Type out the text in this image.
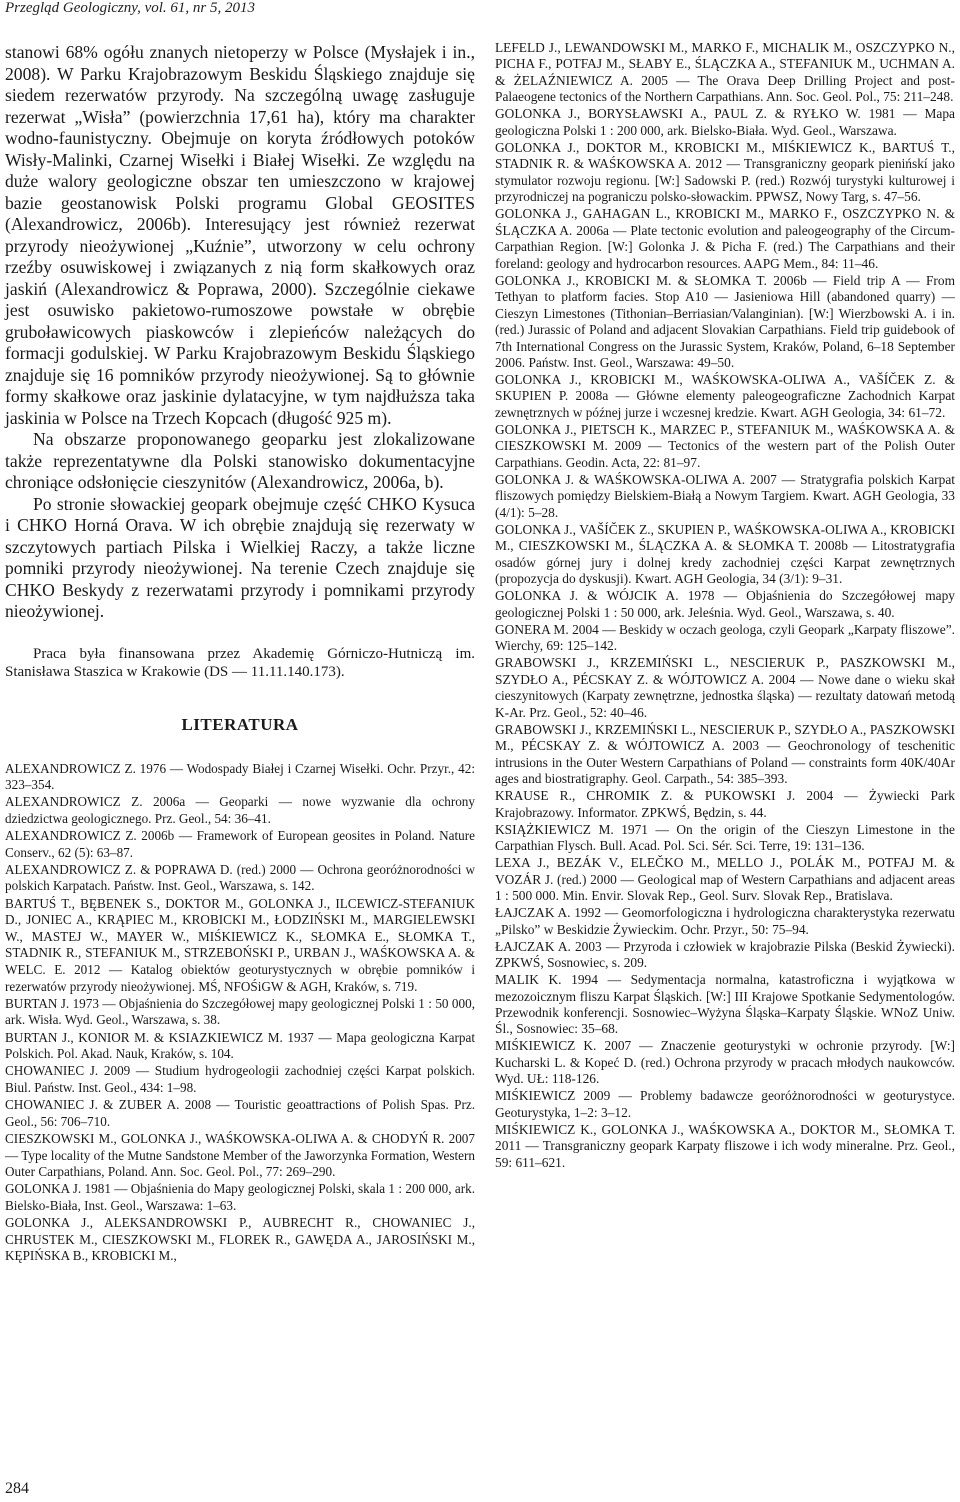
Przegląd Geologiczny, vol. 61, nr 5, 2013

stanowi 68% ogółu znanych nietoperzy w Polsce (Mysłajek i in., 2008). W Parku Krajobrazowym Beskidu Śląskiego znajduje się siedem rezerwatów przyrody. Na szczególną uwagę zasługuje rezerwat „Wisła” (powierzchnia 17,61 ha), który ma charakter wodno-faunistyczny. Obejmuje on koryta źródłowych potoków Wisły-Malinki, Czarnej Wisełki i Białej Wisełki. Ze względu na duże walory geologiczne obszar ten umieszczono w krajowej bazie geostanowisk Polski programu Global GEOSITES (Alexandrowicz, 2006b). Interesujący jest również rezerwat przyrody nieożywionej „Kuźnie”, utworzony w celu ochrony rzeźby osuwiskowej i związanych z nią form skałkowych oraz jaskiń (Alexandrowicz & Poprawa, 2000). Szczególnie ciekawe jest osuwisko pakietowo-rumoszowe powstałe w obrębie gruboławicowych piaskowców i zlepieńców należących do formacji godulskiej. W Parku Krajobrazowym Beskidu Śląskiego znajduje się 16 pomników przyrody nieożywionej. Są to głównie formy skałkowe oraz jaskinie dylatacyjne, w tym najdłuższa taka jaskinia w Polsce na Trzech Kopcach (długość 925 m).

Na obszarze proponowanego geoparku jest zlokalizowane także reprezentatywne dla Polski stanowisko dokumentacyjne chroniące odsłonięcie cieszynitów (Alexandrowicz, 2006a, b).

Po stronie słowackiej geopark obejmuje część CHKO Kysuca i CHKO Horná Orava. W ich obrębie znajdują się rezerwaty w szczytowych partiach Pilska i Wielkiej Raczy, a także liczne pomniki przyrody nieożywionej. Na terenie Czech znajduje się CHKO Beskydy z rezerwatami przyrody i pomnikami przyrody nieożywionej.

Praca była finansowana przez Akademię Górniczo-Hutniczą im. Stanisława Staszica w Krakowie (DS — 11.11.140.173).
LITERATURA
ALEXANDROWICZ Z. 1976 — Wodospady Białej i Czarnej Wisełki. Ochr. Przyr., 42: 323–354.
ALEXANDROWICZ Z. 2006a — Geoparki — nowe wyzwanie dla ochrony dziedzictwa geologicznego. Prz. Geol., 54: 36–41.
ALEXANDROWICZ Z. 2006b — Framework of European geosites in Poland. Nature Conserv., 62 (5): 63–87.
ALEXANDROWICZ Z. & POPRAWA D. (red.) 2000 — Ochrona georóżnorodności w polskich Karpatach. Państw. Inst. Geol., Warszawa, s. 142.
BARTUŚ T., BĘBENEK S., DOKTOR M., GOLONKA J., ILCEWICZ-STEFANIUK D., JONIEC A., KRĄPIEC M., KROBICKI M., ŁODZIŃSKI M., MARGIELEWSKI W., MASTEJ W., MAYER W., MIŚKIEWICZ K., SŁOMKA E., SŁOMKA T., STADNIK R., STEFANIUK M., STRZEBOŃSKI P., URBAN J., WAŚKOWSKA A. & WELC. E. 2012 — Katalog obiektów geoturystycznych w obrębie pomników i rezerwatów przyrody nieożywionej. MŚ, NFOŚiGW & AGH, Kraków, s. 719.
BURTAN J. 1973 — Objaśnienia do Szczegółowej mapy geologicznej Polski 1 : 50 000, ark. Wisła. Wyd. Geol., Warszawa, s. 38.
BURTAN J., KONIOR M. & KSIAZKIEWICZ M. 1937 — Mapa geologiczna Karpat Polskich. Pol. Akad. Nauk, Kraków, s. 104.
CHOWANIEC J. 2009 — Studium hydrogeologii zachodniej części Karpat polskich. Biul. Państw. Inst. Geol., 434: 1–98.
CHOWANIEC J. & ZUBER A. 2008 — Touristic geoattractions of Polish Spas. Prz. Geol., 56: 706–710.
CIESZKOWSKI M., GOLONKA J., WAŚKOWSKA-OLIWA A. & CHODYŃ R. 2007 — Type locality of the Mutne Sandstone Member of the Jaworzynka Formation, Western Outer Carpathians, Poland. Ann. Soc. Geol. Pol., 77: 269–290.
GOLONKA J. 1981 — Objaśnienia do Mapy geologicznej Polski, skala 1 : 200 000, ark. Bielsko-Biała, Inst. Geol., Warszawa: 1–63.
GOLONKA J., ALEKSANDROWSKI P., AUBRECHT R., CHOWANIEC J., CHRUSTEK M., CIESZKOWSKI M., FLOREK R., GAWĘDA A., JAROSIŃSKI M., KĘPIŃSKA B., KROBICKI M.,
LEFELD J., LEWANDOWSKI M., MARKO F., MICHALIK M., OSZCZYPKO N., PICHA F., POTFAJ M., SŁABY E., ŚLĄCZKA A., STEFANIUK M., UCHMAN A. & ŻELAŹNIEWICZ A. 2005 — The Orava Deep Drilling Project and post-Palaeogene tectonics of the Northern Carpathians. Ann. Soc. Geol. Pol., 75: 211–248.
GOLONKA J., BORYSŁAWSKI A., PAUL Z. & RYŁKO W. 1981 — Mapa geologiczna Polski 1 : 200 000, ark. Bielsko-Biała. Wyd. Geol., Warszawa.
GOLONKA J., DOKTOR M., KROBICKI M., MIŚKIEWICZ K., BARTUŚ T., STADNIK R. & WAŚKOWSKA A. 2012 — Transgraniczny geopark pienińskí jako stymulator rozwoju regionu. [W:] Sadowski P. (red.) Rozwój turystyki kulturowej i przyrodniczej na pograniczu polsko-słowackim. PPWSZ, Nowy Targ, s. 47–56.
GOLONKA J., GAHAGAN L., KROBICKI M., MARKO F., OSZCZYPKO N. & ŚLĄCZKA A. 2006a — Plate tectonic evolution and paleogeography of the Circum-Carpathian Region. [W:] Golonka J. & Picha F. (red.) The Carpathians and their foreland: geology and hydrocarbon resources. AAPG Mem., 84: 11–46.
GOLONKA J., KROBICKI M. & SŁOMKA T. 2006b — Field trip A — From Tethyan to platform facies. Stop A10 — Jasieniowa Hill (abandoned quarry) — Cieszyn Limestones (Tithonian–Berriasian/Valanginian). [W:] Wierzbowski A. i in. (red.) Jurassic of Poland and adjacent Slovakian Carpathians. Field trip guidebook of 7th International Congress on the Jurassic System, Kraków, Poland, 6–18 September 2006. Państw. Inst. Geol., Warszawa: 49–50.
GOLONKA J., KROBICKI M., WAŚKOWSKA-OLIWA A., VAŠÍČEK Z. & SKUPIEN P. 2008a — Główne elementy paleogeograficzne Zachodnich Karpat zewnętrznych w późnej jurze i wczesnej kredzie. Kwart. AGH Geologia, 34: 61–72.
GOLONKA J., PIETSCH K., MARZEC P., STEFANIUK M., WAŚKOWSKA A. & CIESZKOWSKI M. 2009 — Tectonics of the western part of the Polish Outer Carpathians. Geodin. Acta, 22: 81–97.
GOLONKA J. & WAŚKOWSKA-OLIWA A. 2007 — Stratygrafia polskich Karpat fliszowych pomiędzy Bielskiem-Białą a Nowym Targiem. Kwart. AGH Geologia, 33 (4/1): 5–28.
GOLONKA J., VAŠÍČEK Z., SKUPIEN P., WAŚKOWSKA-OLIWA A., KROBICKI M., CIESZKOWSKI M., ŚLĄCZKA A. & SŁOMKA T. 2008b — Litostratygrafia osadów górnej jury i dolnej kredy zachodniej części Karpat zewnętrznych (propozycja do dyskusji). Kwart. AGH Geologia, 34 (3/1): 9–31.
GOLONKA J. & WÓJCIK A. 1978 — Objaśnienia do Szczegółowej mapy geologicznej Polski 1 : 50 000, ark. Jeleśnia. Wyd. Geol., Warszawa, s. 40.
GONERA M. 2004 — Beskidy w oczach geologa, czyli Geopark „Karpaty fliszowe”. Wierchy, 69: 125–142.
GRABOWSKI J., KRZEMIŃSKI L., NESCIERUK P., PASZKOWSKI M., SZYDŁO A., PÉCSKAY Z. & WÓJTOWICZ A. 2004 — Nowe dane o wieku skał cieszynitowych (Karpaty zewnętrzne, jednostka śląska) — rezultaty datowań metodą K-Ar. Prz. Geol., 52: 40–46.
GRABOWSKI J., KRZEMIŃSKI L., NESCIERUK P., SZYDŁO A., PASZKOWSKI M., PÉCSKAY Z. & WÓJTOWICZ A. 2003 — Geochronology of teschenitic intrusions in the Outer Western Carpathians of Poland — constraints form 40K/40Ar ages and biostratigraphy. Geol. Carpath., 54: 385–393.
KRAUSE R., CHROMIK Z. & PUKOWSKI J. 2004 — Żywiecki Park Krajobrazowy. Informator. ZPKWŚ, Będzin, s. 44.
KSIĄŻKIEWICZ M. 1971 — On the origin of the Cieszyn Limestone in the Carpathian Flysch. Bull. Acad. Pol. Sci. Sér. Sci. Terre, 19: 131–136.
LEXA J., BEZÁK V., ELEČKO M., MELLO J., POLÁK M., POTFAJ M. & VOZÁR J. (red.) 2000 — Geological map of Western Carpathians and adjacent areas 1 : 500 000. Min. Envir. Slovak Rep., Geol. Surv. Slovak Rep., Bratislava.
ŁAJCZAK A. 1992 — Geomorfologiczna i hydrologiczna charakterystyka rezerwatu „Pilsko” w Beskidzie Żywieckim. Ochr. Przyr., 50: 75–94.
ŁAJCZAK A. 2003 — Przyroda i człowiek w krajobrazie Pilska (Beskid Żywiecki). ZPKWŚ, Sosnowiec, s. 209.
MALIK K. 1994 — Sedymentacja normalna, katastroficzna i wyjątkowa w mezozoicznym fliszu Karpat Śląskich. [W:] III Krajowe Spotkanie Sedymentologów. Przewodnik konferencji. Sosnowiec–Wyżyna Śląska–Karpaty Śląskie. WNoZ Uniw. Śl., Sosnowiec: 35–68.
MIŚKIEWICZ K. 2007 — Znaczenie geoturystyki w ochronie przyrody. [W:] Kucharski L. & Kopeć D. (red.) Ochrona przyrody w pracach młodych naukowców. Wyd. UŁ: 118-126.
MIŚKIEWICZ 2009 — Problemy badawcze georóżnorodności w geoturystyce. Geoturystyka, 1–2: 3–12.
MIŚKIEWICZ K., GOLONKA J., WAŚKOWSKA A., DOKTOR M., SŁOMKA T. 2011 — Transgraniczny geopark Karpaty fliszowe i ich wody mineralne. Prz. Geol., 59: 611–621.
284
